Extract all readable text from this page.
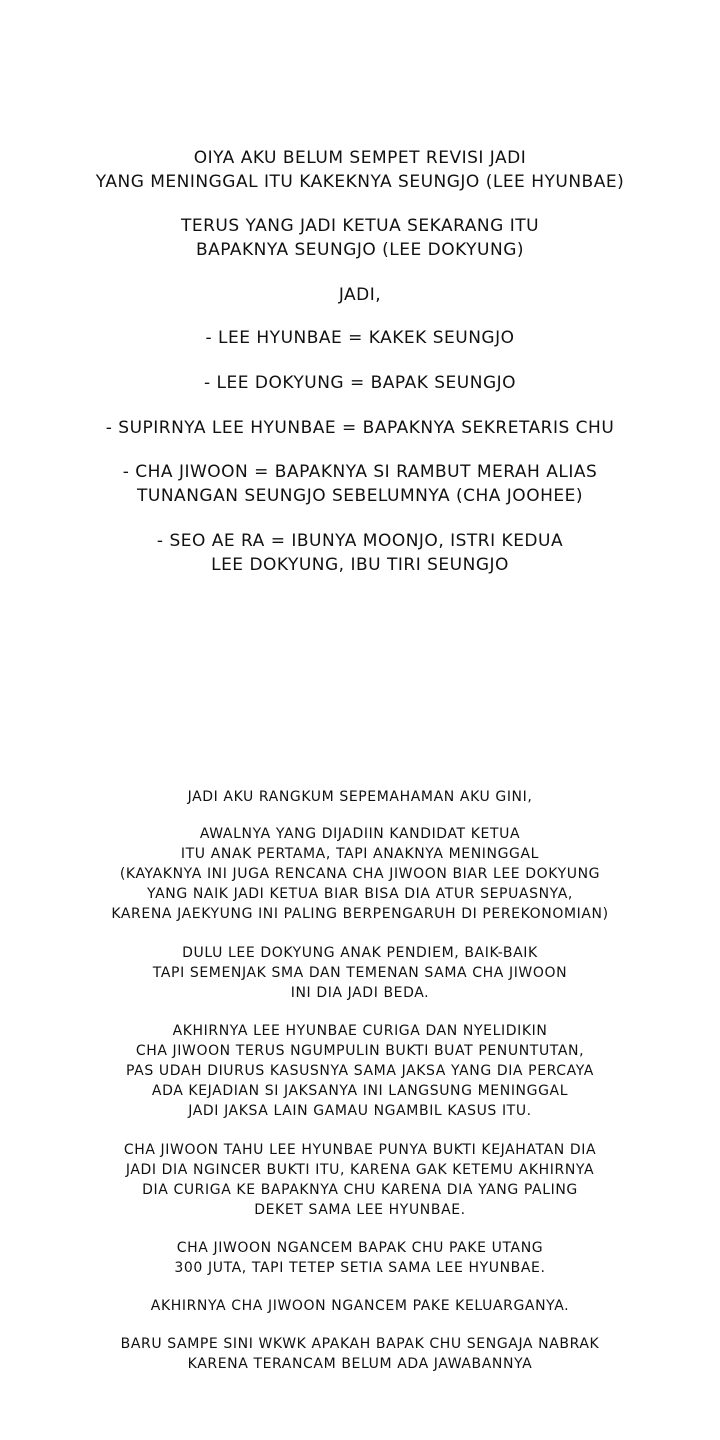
OIYA AKU BELUM SEMPET REVISI JADI
YANG MENINGGAL ITU KAKEKNYA SEUNGJO (LEE HYUNBAE)
TERUS YANG JADI KETUA SEKARANG ITU
BAPAKNYA SEUNGJO (LEE DOKYUNG)
JADI,
- LEE HYUNBAE = KAKEK SEUNGJO
- LEE DOKYUNG = BAPAK SEUNGJO
- SUPIRNYA LEE HYUNBAE = BAPAKNYA SEKRETARIS CHU
- CHA JIWOON = BAPAKNYA SI RAMBUT MERAH ALIAS
TUNANGAN SEUNGJO SEBELUMNYA (CHA JOOHEE)
- SEO AE RA = IBUNYA MOONJO, ISTRI KEDUA
LEE DOKYUNG, IBU TIRI SEUNGJO
JADI AKU RANGKUM SEPEMAHAMAN AKU GINI,
AWALNYA YANG DIJADIIN KANDIDAT KETUA
ITU ANAK PERTAMA, TAPI ANAKNYA MENINGGAL
(KAYAKNYA INI JUGA RENCANA CHA JIWOON BIAR LEE DOKYUNG
YANG NAIK JADI KETUA BIAR BISA DIA ATUR SEPUASNYA,
KARENA JAEKYUNG INI PALING BERPENGARUH DI PEREKONOMIAN)
DULU LEE DOKYUNG ANAK PENDIEM, BAIK-BAIK
TAPI SEMENJAK SMA DAN TEMENAN SAMA CHA JIWOON
INI DIA JADI BEDA.
AKHIRNYA LEE HYUNBAE CURIGA DAN NYELIDIKIN
CHA JIWOON TERUS NGUMPULIN BUKTI BUAT PENUNTUTAN,
PAS UDAH DIURUS KASUSNYA SAMA JAKSA YANG DIA PERCAYA
ADA KEJADIAN SI JAKSANYA INI LANGSUNG MENINGGAL
JADI JAKSA LAIN GAMAU NGAMBIL KASUS ITU.
CHA JIWOON TAHU LEE HYUNBAE PUNYA BUKTI KEJAHATAN DIA
JADI DIA NGINCER BUKTI ITU, KARENA GAK KETEMU AKHIRNYA
DIA CURIGA KE BAPAKNYA CHU KARENA DIA YANG PALING
DEKET SAMA LEE HYUNBAE.
CHA JIWOON NGANCEM BAPAK CHU PAKE UTANG
300 JUTA, TAPI TETEP SETIA SAMA LEE HYUNBAE.
AKHIRNYA CHA JIWOON NGANCEM PAKE KELUARGANYA.
BARU SAMPE SINI WKWK APAKAH BAPAK CHU SENGAJA NABRAK
KARENA TERANCAM BELUM ADA JAWABANNYA
